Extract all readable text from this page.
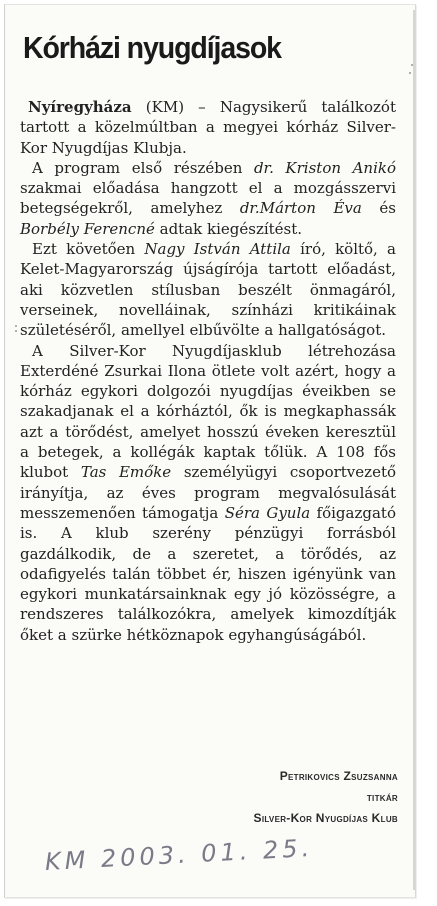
Kórházi nyugdíjasok

Nyíregyháza (KM) – Nagysikerű találkozót tartott a közelmúltban a megyei kórház Silver-Kor Nyugdíjas Klubja.

A program első részében dr. Kriston Anikó szakmai előadása hangzott el a mozgásszervi betegségekről, amelyhez dr.Márton Éva és Borbély Ferencné adtak kiegészítést.

Ezt követően Nagy István Attila író, költő, a Kelet-Magyarország újságírója tartott előadást, aki közvetlen stílusban beszélt önmagáról, verseinek, novelláinak, színházi kritikáinak születéséről, amellyel elbűvölte a hallgatóságot.

A Silver-Kor Nyugdíjasklub létrehozása Exterdéné Zsurkai Ilona ötlete volt azért, hogy a kórház egykori dolgozói nyugdíjas éveikben se szakadjanak el a kórháztól, ők is megkaphassák azt a törődést, amelyet hosszú éveken keresztül a betegek, a kollégák kaptak tőlük. A 108 fős klubot Tas Emőke személyügyi csoportvezető irányítja, az éves program megvalósulását messzemenően támogatja Séra Gyula főigazgató is. A klub szerény pénzügyi forrásból gazdálkodik, de a szeretet, a törődés, az odafigyelés talán többet ér, hiszen igényünk van egykori munkatársainknak egy jó közösségre, a rendszeres találkozókra, amelyek kimozdítják őket a szürke hétköznapok egyhangúságából.

Petrikovics Zsuzsanna
titkár
Silver-Kor Nyugdíjas Klub
KM 2003. 01. 25.
